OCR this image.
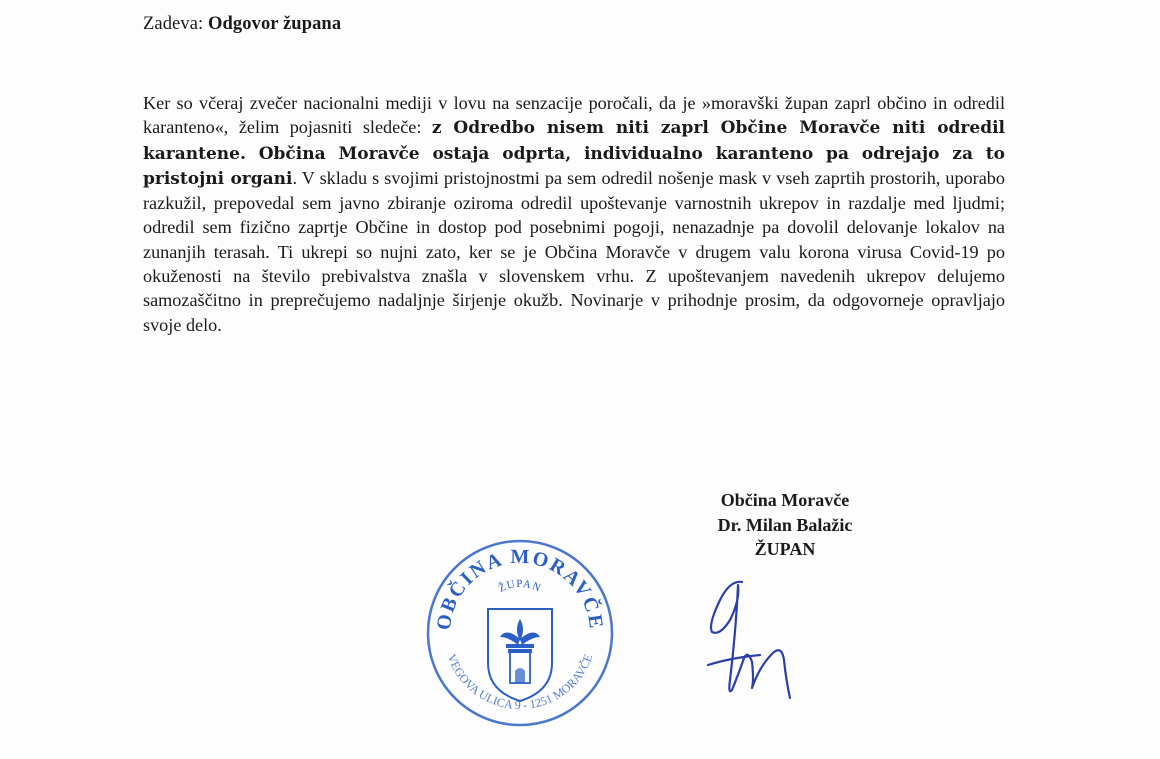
Zadeva: Odgovor župana
Ker so včeraj zvečer nacionalni mediji v lovu na senzacije poročali, da je »moravški župan zaprl občino in odredil karanteno«, želim pojasniti sledeče: z Odredbo nisem niti zaprl Občine Moravče niti odredil karantene. Občina Moravče ostaja odprta, individualno karanteno pa odrejajo za to pristojni organi. V skladu s svojimi pristojnostmi pa sem odredil nošenje mask v vseh zaprtih prostorih, uporabo razkužil, prepovedal sem javno zbiranje oziroma odredil upoštevanje varnostnih ukrepov in razdalje med ljudmi; odredil sem fizično zaprtje Občine in dostop pod posebnimi pogoji, nenazadnje pa dovolil delovanje lokalov na zunanjih terasah. Ti ukrepi so nujni zato, ker se je Občina Moravče v drugem valu korona virusa Covid-19 po okuženosti na število prebivalstva znašla v slovenskem vrhu. Z upoštevanjem navedenih ukrepov delujemo samozaščitno in preprečujemo nadaljnje širjenje okužb. Novinarje v prihodnje prosim, da odgovorneje opravljajo svoje delo.
Občina Moravče
Dr. Milan Balažic
ŽUPAN
OBČINA MORAVČE
ŽUPAN
VEGOVA ULICA 9 - 1251 MORAVČE
